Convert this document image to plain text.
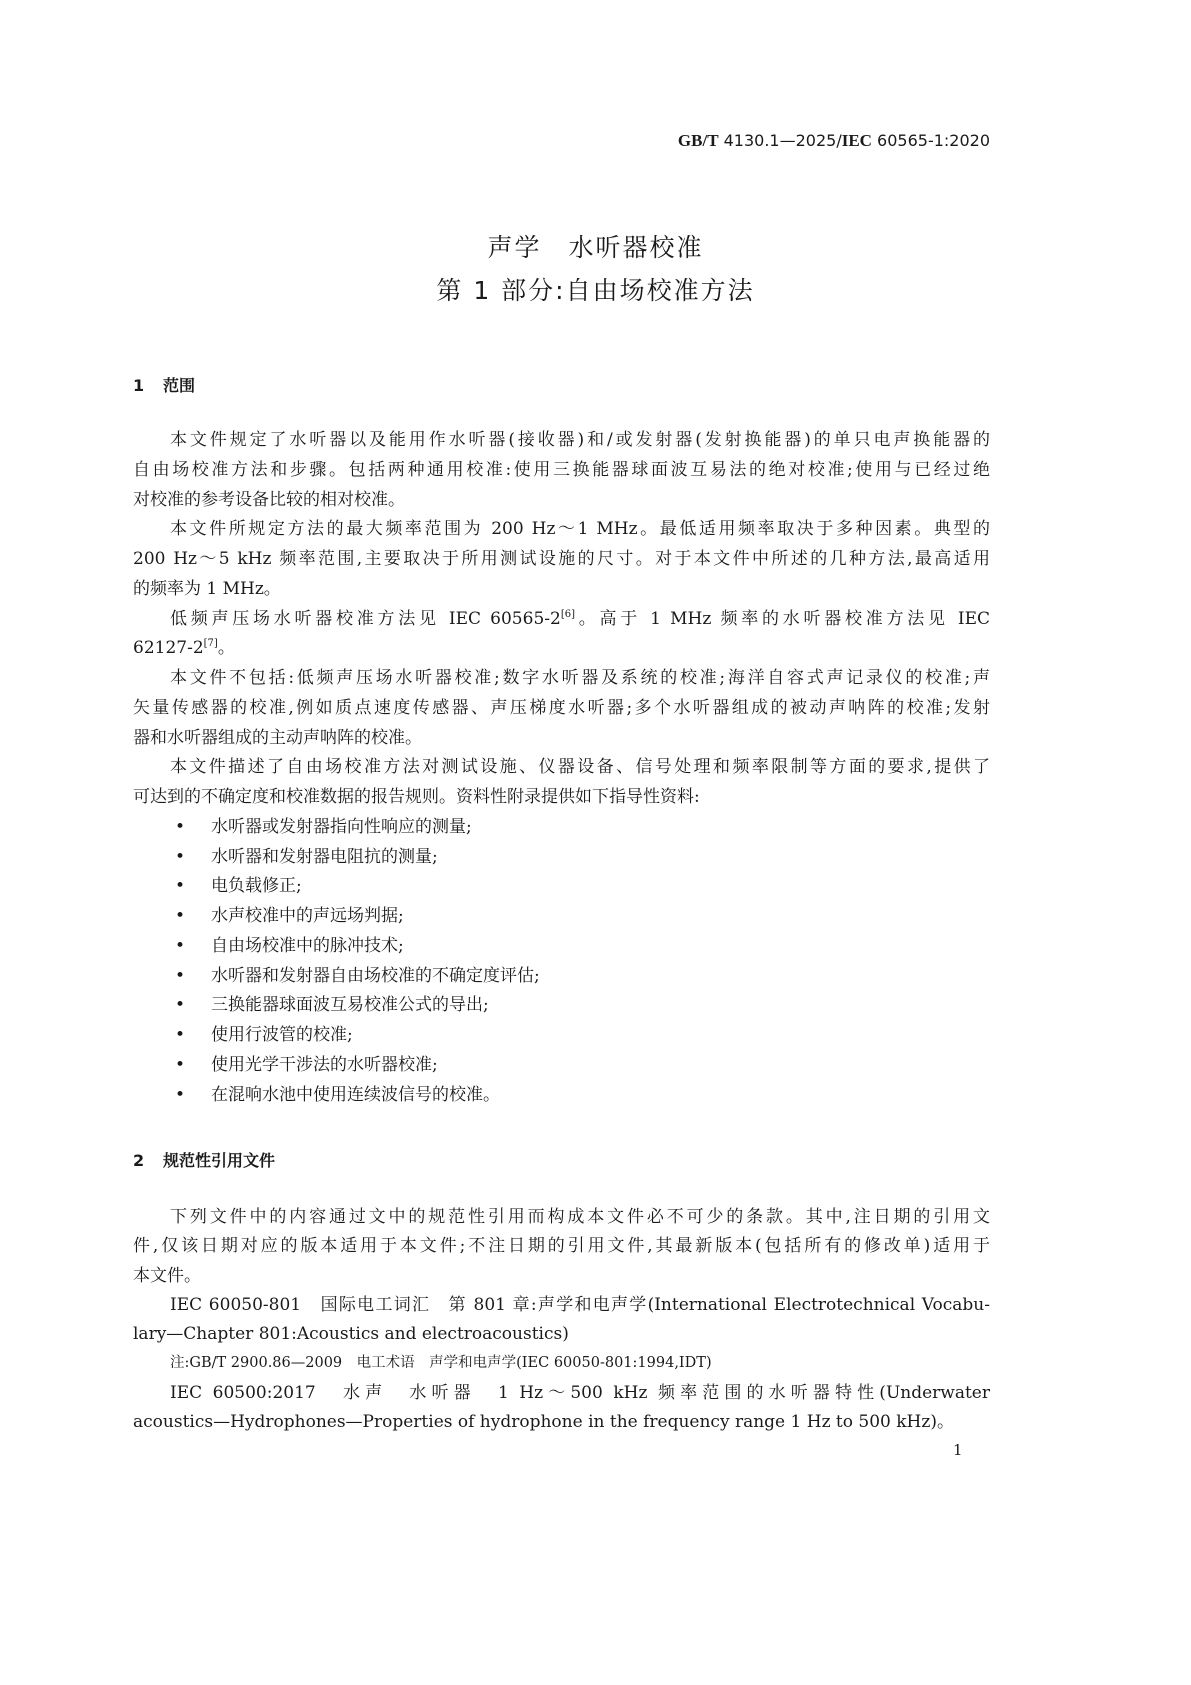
GB/T 4130.1—2025/IEC 60565-1:2020
声学　水听器校准
第 1 部分:自由场校准方法
1 范围
本文件规定了水听器以及能用作水听器(接收器)和/或发射器(发射换能器)的单只电声换能器的
自由场校准方法和步骤。包括两种通用校准:使用三换能器球面波互易法的绝对校准;使用与已经过绝
对校准的参考设备比较的相对校准。
本文件所规定方法的最大频率范围为 200 Hz～1 MHz。最低适用频率取决于多种因素。典型的
200 Hz～5 kHz 频率范围,主要取决于所用测试设施的尺寸。对于本文件中所述的几种方法,最高适用
的频率为 1 MHz。
低频声压场水听器校准方法见 IEC 60565-2[6]。高于 1 MHz 频率的水听器校准方法见 IEC
62127-2[7]。
本文件不包括:低频声压场水听器校准;数字水听器及系统的校准;海洋自容式声记录仪的校准;声
矢量传感器的校准,例如质点速度传感器、声压梯度水听器;多个水听器组成的被动声呐阵的校准;发射
器和水听器组成的主动声呐阵的校准。
本文件描述了自由场校准方法对测试设施、仪器设备、信号处理和频率限制等方面的要求,提供了
可达到的不确定度和校准数据的报告规则。资料性附录提供如下指导性资料:
• 水听器或发射器指向性响应的测量;
• 水听器和发射器电阻抗的测量;
• 电负载修正;
• 水声校准中的声远场判据;
• 自由场校准中的脉冲技术;
• 水听器和发射器自由场校准的不确定度评估;
• 三换能器球面波互易校准公式的导出;
• 使用行波管的校准;
• 使用光学干涉法的水听器校准;
• 在混响水池中使用连续波信号的校准。
2 规范性引用文件
下列文件中的内容通过文中的规范性引用而构成本文件必不可少的条款。其中,注日期的引用文
件,仅该日期对应的版本适用于本文件;不注日期的引用文件,其最新版本(包括所有的修改单)适用于
本文件。
IEC 60050-801　国际电工词汇　第 801 章:声学和电声学(International Electrotechnical Vocabu-
lary—Chapter 801:Acoustics and electroacoustics)
注:GB/T 2900.86—2009　电工术语　声学和电声学(IEC 60050-801:1994,IDT)
IEC 60500:2017　水声　水听器　1 Hz～500 kHz 频率范围的水听器特性(Underwater
acoustics—Hydrophones—Properties of hydrophone in the frequency range 1 Hz to 500 kHz)。
1
